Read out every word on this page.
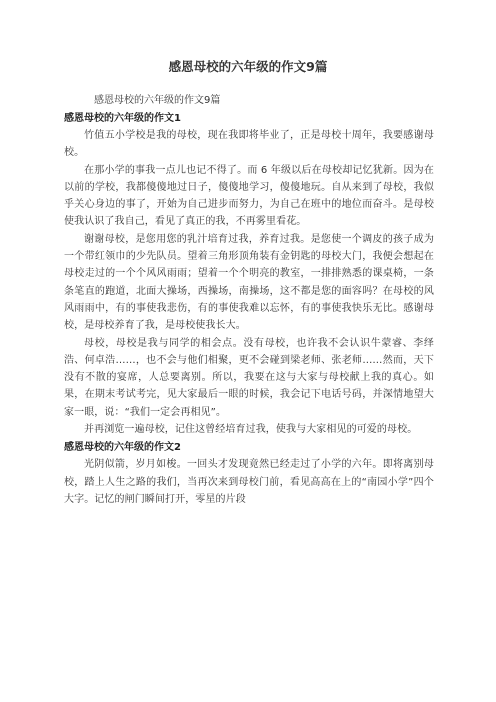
感恩母校的六年级的作文9篇
感恩母校的六年级的作文9篇
感恩母校的六年级的作文1

竹值五小学校是我的母校，现在我即将毕业了，正是母校十周年，我要感谢母校。

在那小学的事我一点儿也记不得了。而 6 年级以后在母校却记忆犹新。因为在以前的学校，我都傻傻地过日子，傻傻地学习，傻傻地玩。自从来到了母校，我似乎关心身边的事了，开始为自己进步而努力，为自己在班中的地位而奋斗。是母校使我认识了我自己，看见了真正的我，不再雾里看花。

谢谢母校，是您用您的乳汁培育过我，养育过我。是您使一个调皮的孩子成为一个带红领巾的少先队员。望着三角形顶角装有金钥匙的母校大门，我便会想起在母校走过的一个个风风雨雨；望着一个个明亮的教室，一排排熟悉的课桌椅，一条条笔直的跑道，北面大操场，西操场，南操场，这不都是您的面容吗？在母校的风风雨雨中，有的事使我悲伤，有的事使我难以忘怀，有的事使我快乐无比。感谢母校，是母校养育了我，是母校使我长大。

母校，母校是我与同学的相会点。没有母校，也许我不会认识牛蒙睿、李绎浩、何卓浩……，也不会与他们相聚，更不会碰到梁老师、张老师……然而，天下没有不散的宴席，人总要离别。所以，我要在这与大家与母校献上我的真心。如果，在期末考试考完，见大家最后一眼的时候，我会记下电话号码，并深情地望大家一眼，说：“我们一定会再相见”。

并再浏览一遍母校，记住这曾经培育过我，使我与大家相见的可爱的母校。

感恩母校的六年级的作文2

光阴似箭，岁月如梭。一回头才发现竟然已经走过了小学的六年。即将离别母校，踏上人生之路的我们，当再次来到母校门前，看见高高在上的“南园小学”四个大字。记忆的闸门瞬间打开，零星的片段
